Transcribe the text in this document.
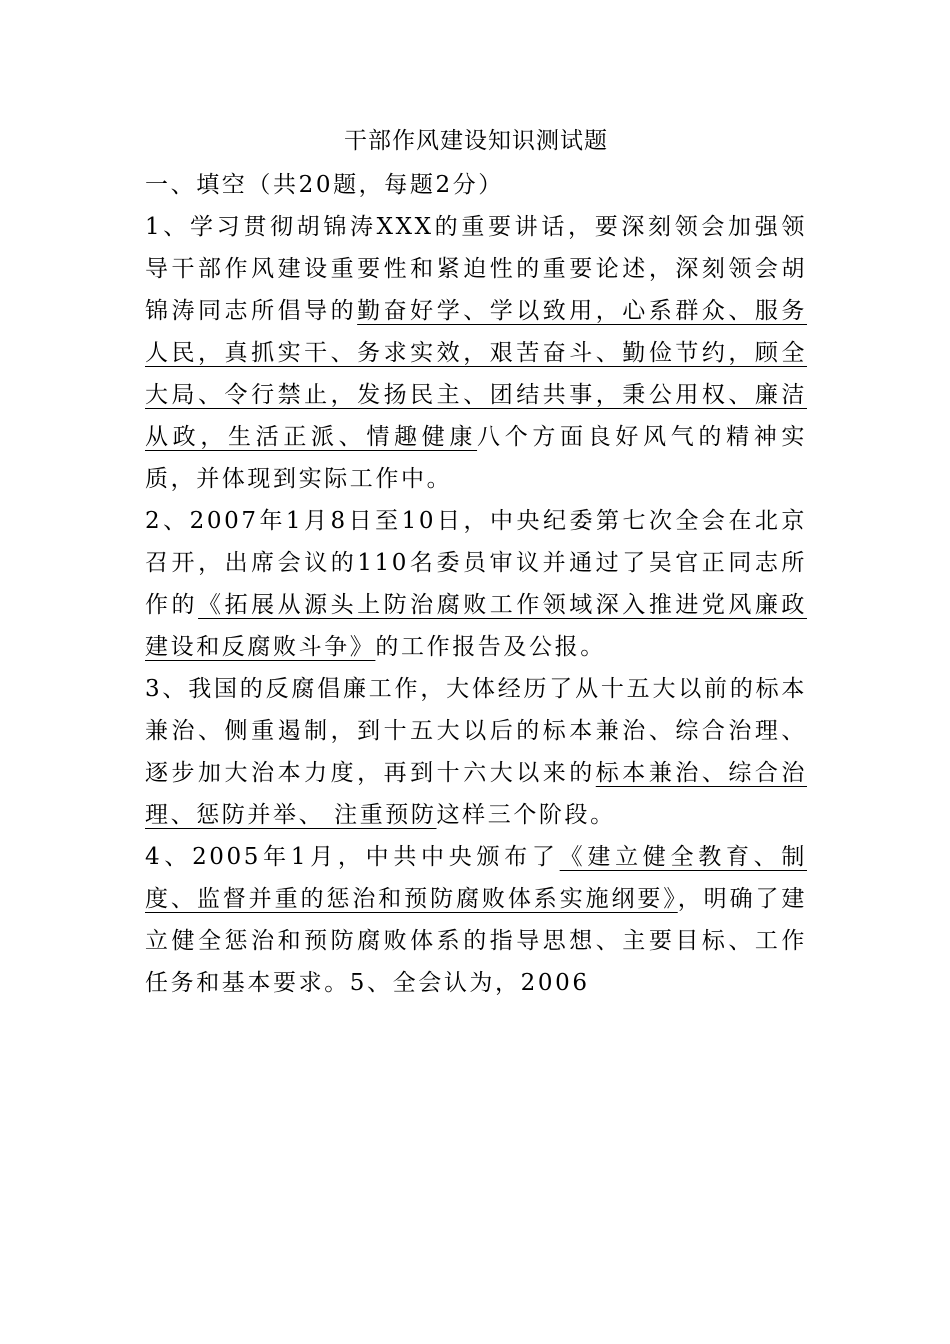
干部作风建设知识测试题

一、填空（共20题，每题2分）

1、学习贯彻胡锦涛XXX的重要讲话，要深刻领会加强领导干部作风建设重要性和紧迫性的重要论述，深刻领会胡锦涛同志所倡导的勤奋好学、学以致用，心系群众、服务人民，真抓实干、务求实效，艰苦奋斗、勤俭节约，顾全大局、令行禁止，发扬民主、团结共事，秉公用权、廉洁从政，生活正派、情趣健康八个方面良好风气的精神实质，并体现到实际工作中。

2、2007年1月8日至10日，中央纪委第七次全会在北京召开，出席会议的110名委员审议并通过了吴官正同志所作的《拓展从源头上防治腐败工作领域深入推进党风廉政建设和反腐败斗争》的工作报告及公报。

3、我国的反腐倡廉工作，大体经历了从十五大以前的标本兼治、侧重遏制，到十五大以后的标本兼治、综合治理、逐步加大治本力度，再到十六大以来的标本兼治、综合治理、惩防并举、 注重预防这样三个阶段。

4、2005年1月，中共中央颁布了《建立健全教育、制度、监督并重的惩治和预防腐败体系实施纲要》，明确了建立健全惩治和预防腐败体系的指导思想、主要目标、工作任务和基本要求。5、全会认为，2006
